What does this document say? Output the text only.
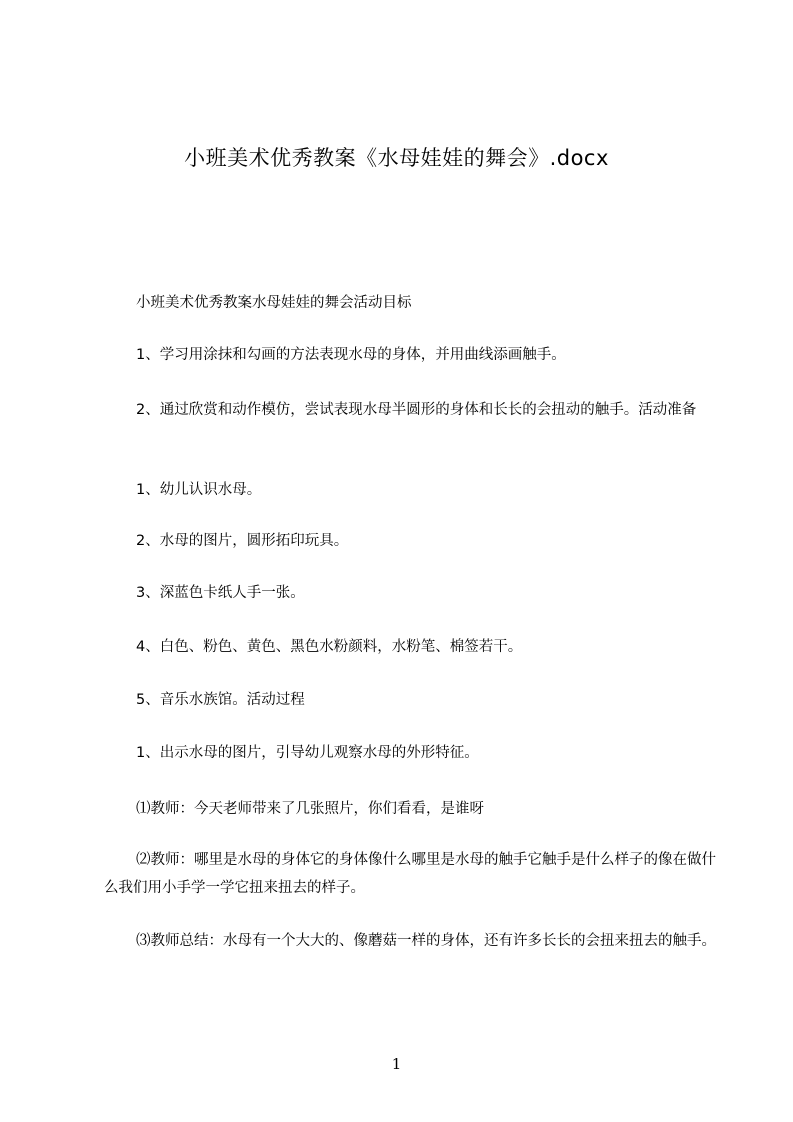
小班美术优秀教案《水母娃娃的舞会》.docx
小班美术优秀教案水母娃娃的舞会活动目标
1、学习用涂抹和勾画的方法表现水母的身体，并用曲线添画触手。
2、通过欣赏和动作模仿，尝试表现水母半圆形的身体和长长的会扭动的触手。活动准备
1、幼儿认识水母。
2、水母的图片，圆形拓印玩具。
3、深蓝色卡纸人手一张。
4、白色、粉色、黄色、黑色水粉颜料，水粉笔、棉签若干。
5、音乐水族馆。活动过程
1、出示水母的图片，引导幼儿观察水母的外形特征。
⑴教师：今天老师带来了几张照片，你们看看，是谁呀
⑵教师：哪里是水母的身体它的身体像什么哪里是水母的触手它触手是什么样子的像在做什么我们用小手学一学它扭来扭去的样子。
⑶教师总结：水母有一个大大的、像蘑菇一样的身体，还有许多长长的会扭来扭去的触手。
1
